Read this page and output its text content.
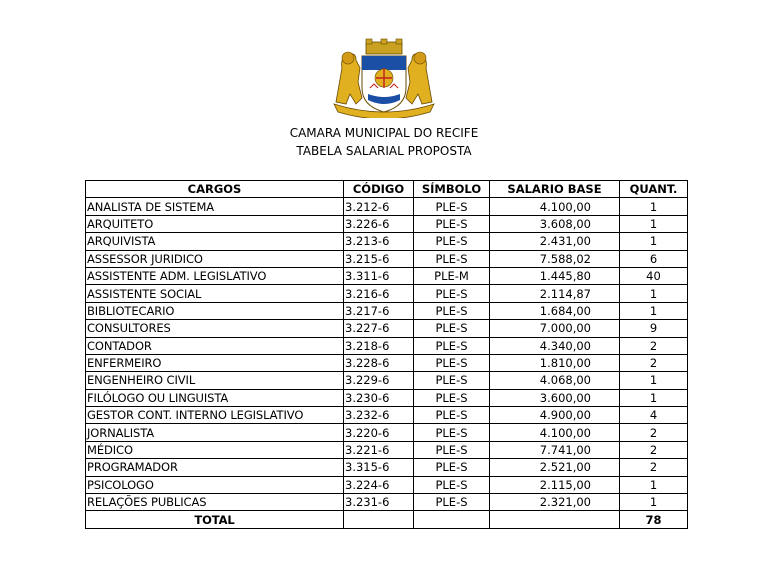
CAMARA MUNICIPAL DO RECIFE
TABELA SALARIAL PROPOSTA
CARGOS	CÓDIGO	SÍMBOLO	SALARIO BASE	QUANT.
ANALISTA DE SISTEMA	3.212-6	PLE-S	4.100,00	1
ARQUITETO	3.226-6	PLE-S	3.608,00	1
ARQUIVISTA	3.213-6	PLE-S	2.431,00	1
ASSESSOR JURIDICO	3.215-6	PLE-S	7.588,02	6
ASSISTENTE ADM. LEGISLATIVO	3.311-6	PLE-M	1.445,80	40
ASSISTENTE SOCIAL	3.216-6	PLE-S	2.114,87	1
BIBLIOTECARIO	3.217-6	PLE-S	1.684,00	1
CONSULTORES	3.227-6	PLE-S	7.000,00	9
CONTADOR	3.218-6	PLE-S	4.340,00	2
ENFERMEIRO	3.228-6	PLE-S	1.810,00	2
ENGENHEIRO CIVIL	3.229-6	PLE-S	4.068,00	1
FILÓLOGO OU LINGUISTA	3.230-6	PLE-S	3.600,00	1
GESTOR CONT. INTERNO LEGISLATIVO	3.232-6	PLE-S	4.900,00	4
JORNALISTA	3.220-6	PLE-S	4.100,00	2
MÉDICO	3.221-6	PLE-S	7.741,00	2
PROGRAMADOR	3.315-6	PLE-S	2.521,00	2
PSICOLOGO	3.224-6	PLE-S	2.115,00	1
RELAÇÕES PUBLICAS	3.231-6	PLE-S	2.321,00	1
TOTAL				78
